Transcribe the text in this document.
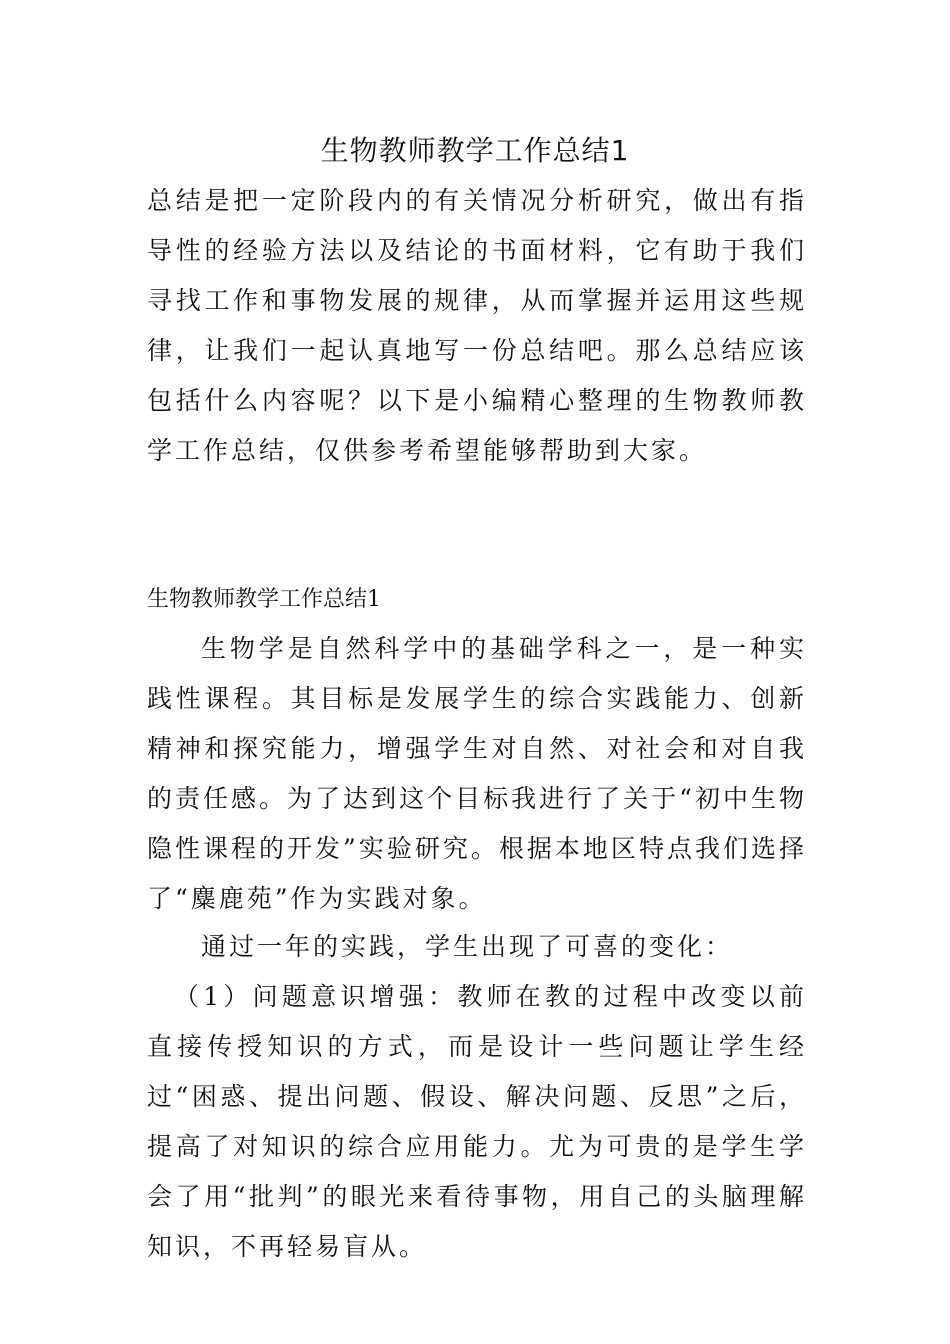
生物教师教学工作总结1

总结是把一定阶段内的有关情况分析研究，做出有指导性的经验方法以及结论的书面材料，它有助于我们寻找工作和事物发展的规律，从而掌握并运用这些规律，让我们一起认真地写一份总结吧。那么总结应该包括什么内容呢？以下是小编精心整理的生物教师教学工作总结，仅供参考希望能够帮助到大家。

生物教师教学工作总结1

生物学是自然科学中的基础学科之一，是一种实践性课程。其目标是发展学生的综合实践能力、创新精神和探究能力，增强学生对自然、对社会和对自我的责任感。为了达到这个目标我进行了关于“初中生物隐性课程的开发”实验研究。根据本地区特点我们选择了“麋鹿苑”作为实践对象。

通过一年的实践，学生出现了可喜的变化：

（1）问题意识增强：教师在教的过程中改变以前直接传授知识的方式，而是设计一些问题让学生经过“困惑、提出问题、假设、解决问题、反思”之后，提高了对知识的综合应用能力。尤为可贵的是学生学会了用“批判”的眼光来看待事物，用自己的头脑理解知识，不再轻易盲从。
